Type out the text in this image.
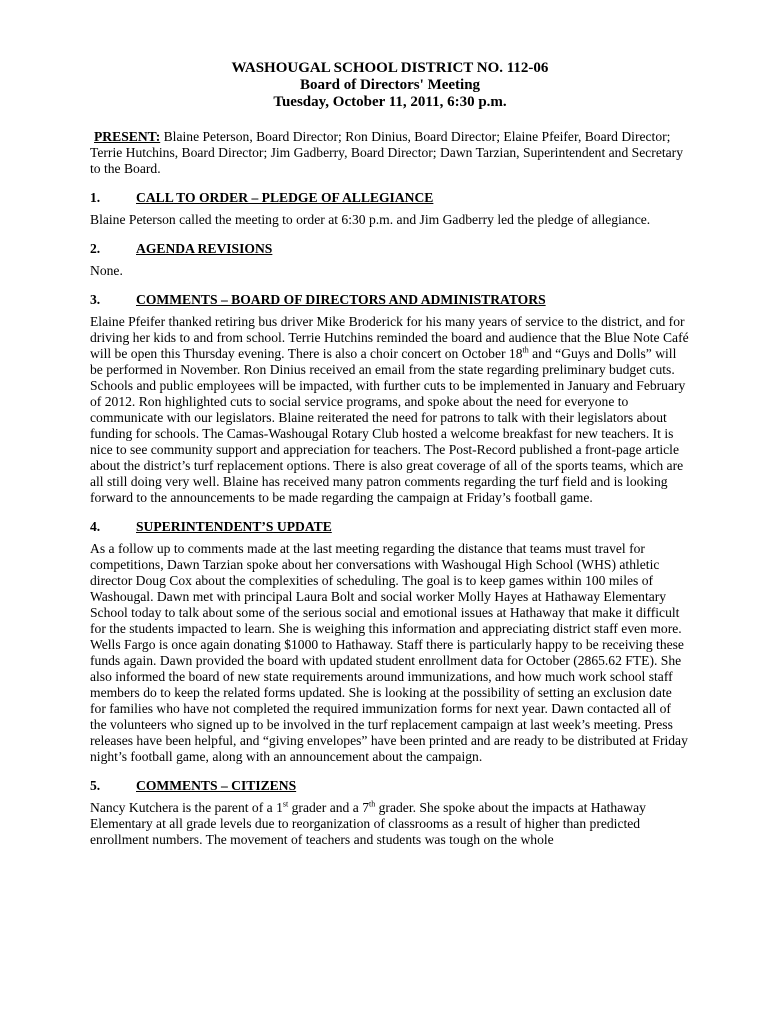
WASHOUGAL SCHOOL DISTRICT NO. 112-06
Board of Directors' Meeting
Tuesday, October 11, 2011, 6:30 p.m.
PRESENT: Blaine Peterson, Board Director; Ron Dinius, Board Director; Elaine Pfeifer, Board Director; Terrie Hutchins, Board Director; Jim Gadberry, Board Director; Dawn Tarzian, Superintendent and Secretary to the Board.
1.	CALL TO ORDER – PLEDGE OF ALLEGIANCE

Blaine Peterson called the meeting to order at 6:30 p.m. and Jim Gadberry led the pledge of allegiance.

2.	AGENDA REVISIONS

None.

3.	COMMENTS – BOARD OF DIRECTORS AND ADMINISTRATORS

Elaine Pfeifer thanked retiring bus driver Mike Broderick for his many years of service to the district, and for driving her kids to and from school. Terrie Hutchins reminded the board and audience that the Blue Note Café will be open this Thursday evening. There is also a choir concert on October 18th and “Guys and Dolls” will be performed in November. Ron Dinius received an email from the state regarding preliminary budget cuts. Schools and public employees will be impacted, with further cuts to be implemented in January and February of 2012. Ron highlighted cuts to social service programs, and spoke about the need for everyone to communicate with our legislators. Blaine reiterated the need for patrons to talk with their legislators about funding for schools. The Camas-Washougal Rotary Club hosted a welcome breakfast for new teachers. It is nice to see community support and appreciation for teachers. The Post-Record published a front-page article about the district’s turf replacement options. There is also great coverage of all of the sports teams, which are all still doing very well. Blaine has received many patron comments regarding the turf field and is looking forward to the announcements to be made regarding the campaign at Friday’s football game.

4.	SUPERINTENDENT’S UPDATE

As a follow up to comments made at the last meeting regarding the distance that teams must travel for competitions, Dawn Tarzian spoke about her conversations with Washougal High School (WHS) athletic director Doug Cox about the complexities of scheduling. The goal is to keep games within 100 miles of Washougal. Dawn met with principal Laura Bolt and social worker Molly Hayes at Hathaway Elementary School today to talk about some of the serious social and emotional issues at Hathaway that make it difficult for the students impacted to learn. She is weighing this information and appreciating district staff even more. Wells Fargo is once again donating $1000 to Hathaway. Staff there is particularly happy to be receiving these funds again. Dawn provided the board with updated student enrollment data for October (2865.62 FTE). She also informed the board of new state requirements around immunizations, and how much work school staff members do to keep the related forms updated. She is looking at the possibility of setting an exclusion date for families who have not completed the required immunization forms for next year. Dawn contacted all of the volunteers who signed up to be involved in the turf replacement campaign at last week’s meeting. Press releases have been helpful, and “giving envelopes” have been printed and are ready to be distributed at Friday night’s football game, along with an announcement about the campaign.

5.	COMMENTS – CITIZENS

Nancy Kutchera is the parent of a 1st grader and a 7th grader. She spoke about the impacts at Hathaway Elementary at all grade levels due to reorganization of classrooms as a result of higher than predicted enrollment numbers. The movement of teachers and students was tough on the whole
